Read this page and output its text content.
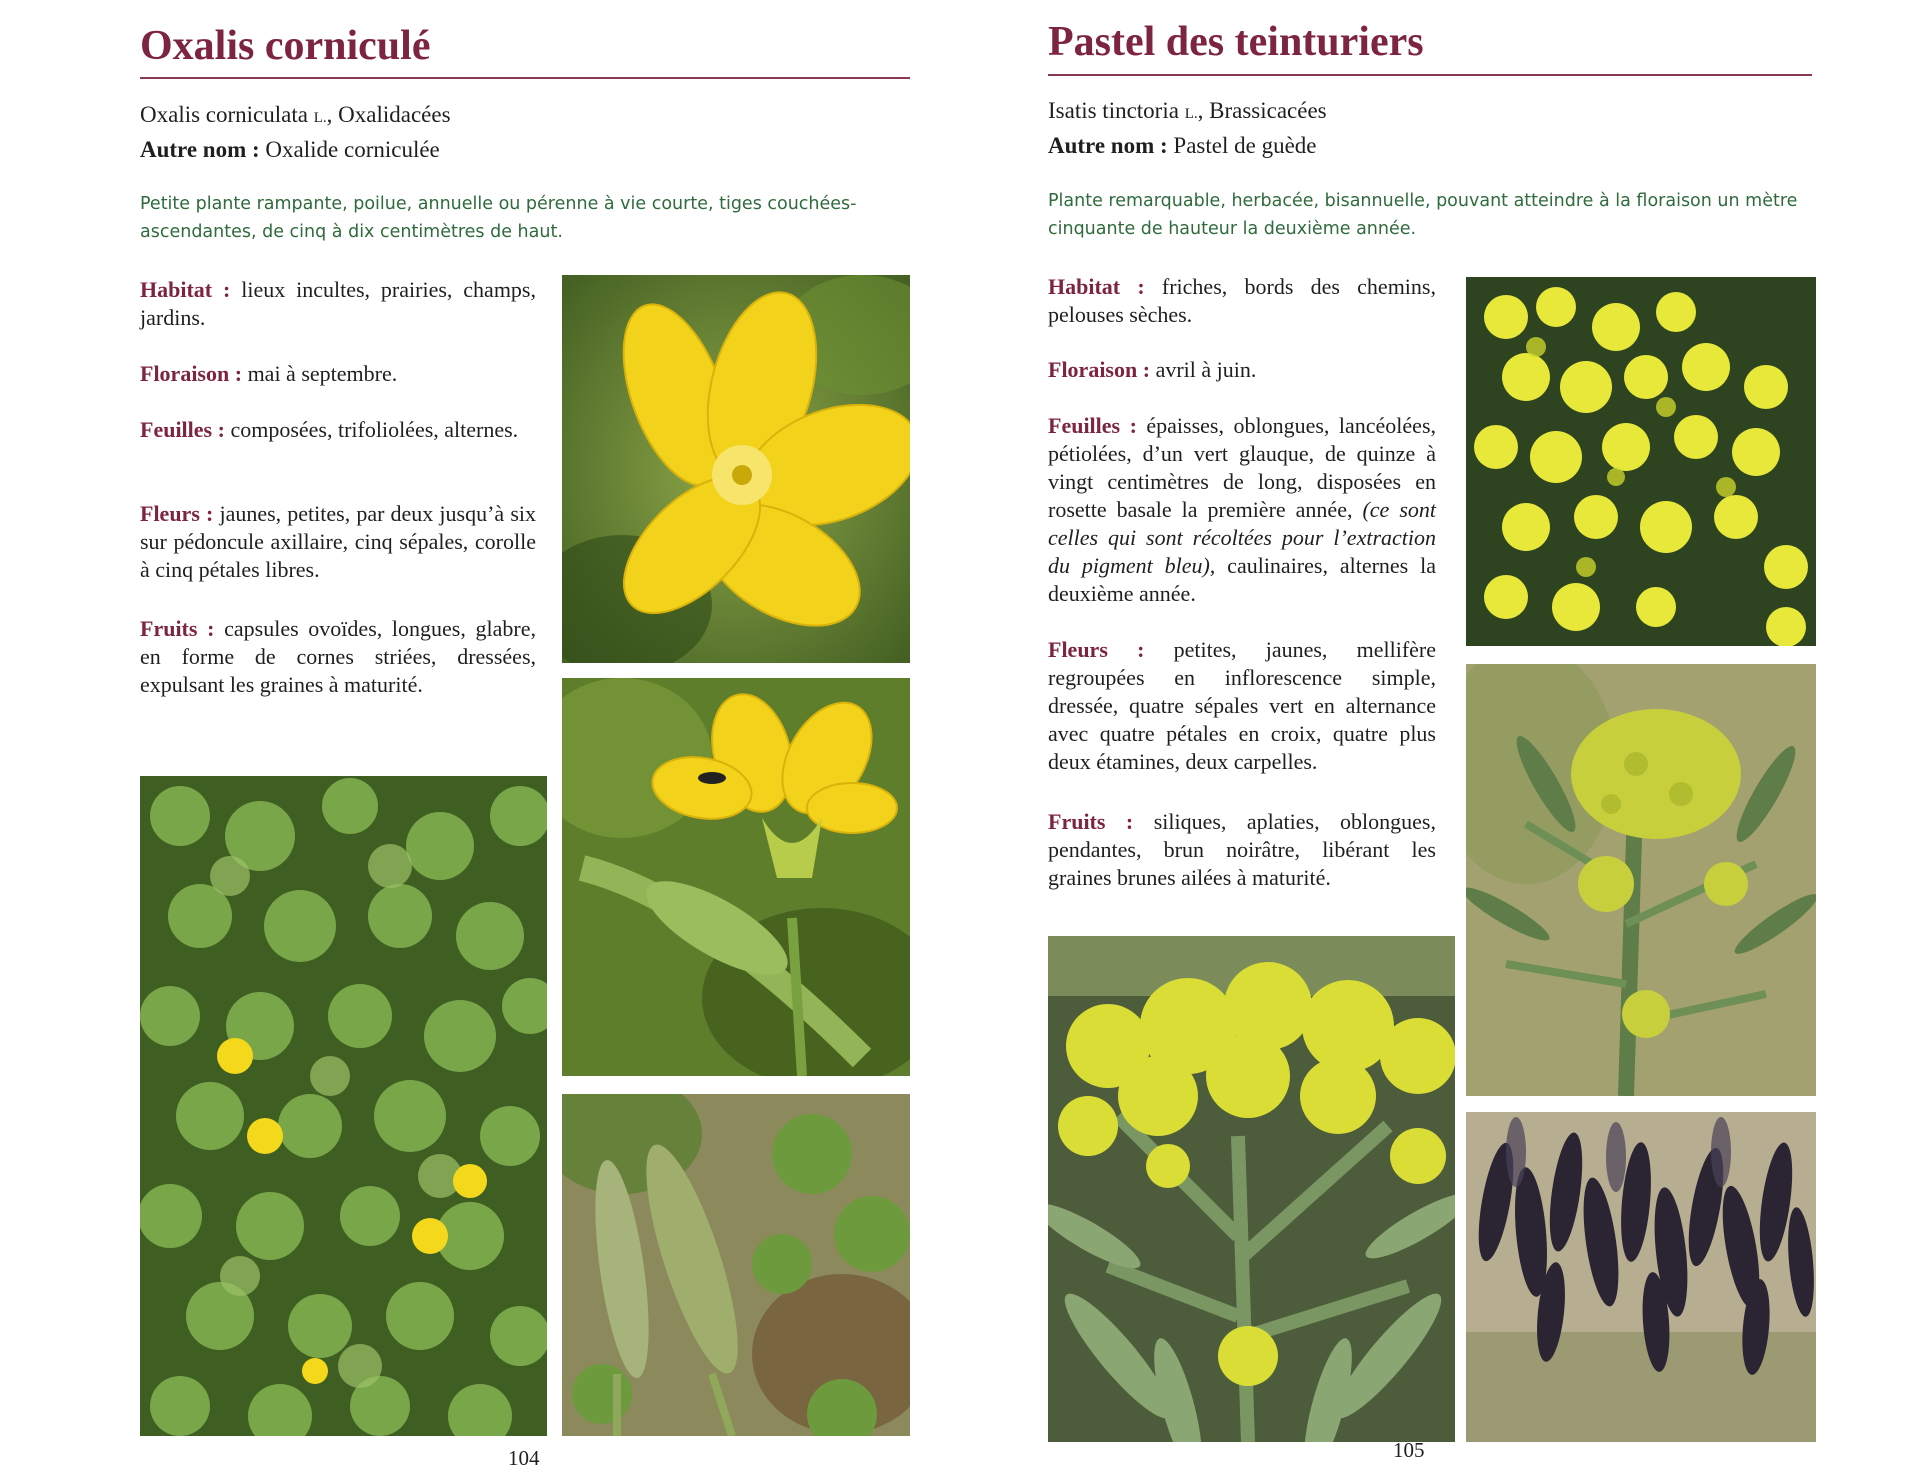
Oxalis corniculé
Oxalis corniculata L., Oxalidacées
Autre nom : Oxalide corniculée

Petite plante rampante, poilue, annuelle ou pérenne à vie courte, tiges couchées-ascendantes, de cinq à dix centimètres de haut.

Habitat : lieux incultes, prairies, champs, jardins.

Floraison : mai à septembre.

Feuilles : composées, trifoliolées, alternes.

Fleurs : jaunes, petites, par deux jusqu’à six sur pédoncule axillaire, cinq sépales, corolle à cinq pétales libres.

Fruits : capsules ovoïdes, longues, glabre, en forme de cornes striées, dressées, expulsant les graines à maturité.

104
Pastel des teinturiers
Isatis tinctoria L., Brassicacées
Autre nom : Pastel de guède

Plante remarquable, herbacée, bisannuelle, pouvant atteindre à la floraison un mètre cinquante de hauteur la deuxième année.

Habitat : friches, bords des chemins, pelouses sèches.

Floraison : avril à juin.

Feuilles : épaisses, oblongues, lancéolées, pétiolées, d’un vert glauque, de quinze à vingt centimètres de long, disposées en rosette basale la première année, (ce sont celles qui sont récoltées pour l’extraction du pigment bleu), caulinaires, alternes la deuxième année.

Fleurs : petites, jaunes, mellifère regroupées en inflorescence simple, dressée, quatre sépales vert en alternance avec quatre pétales en croix, quatre plus deux étamines, deux carpelles.

Fruits : siliques, aplaties, oblongues, pendantes, brun noirâtre, libérant les graines brunes ailées à maturité.

105
